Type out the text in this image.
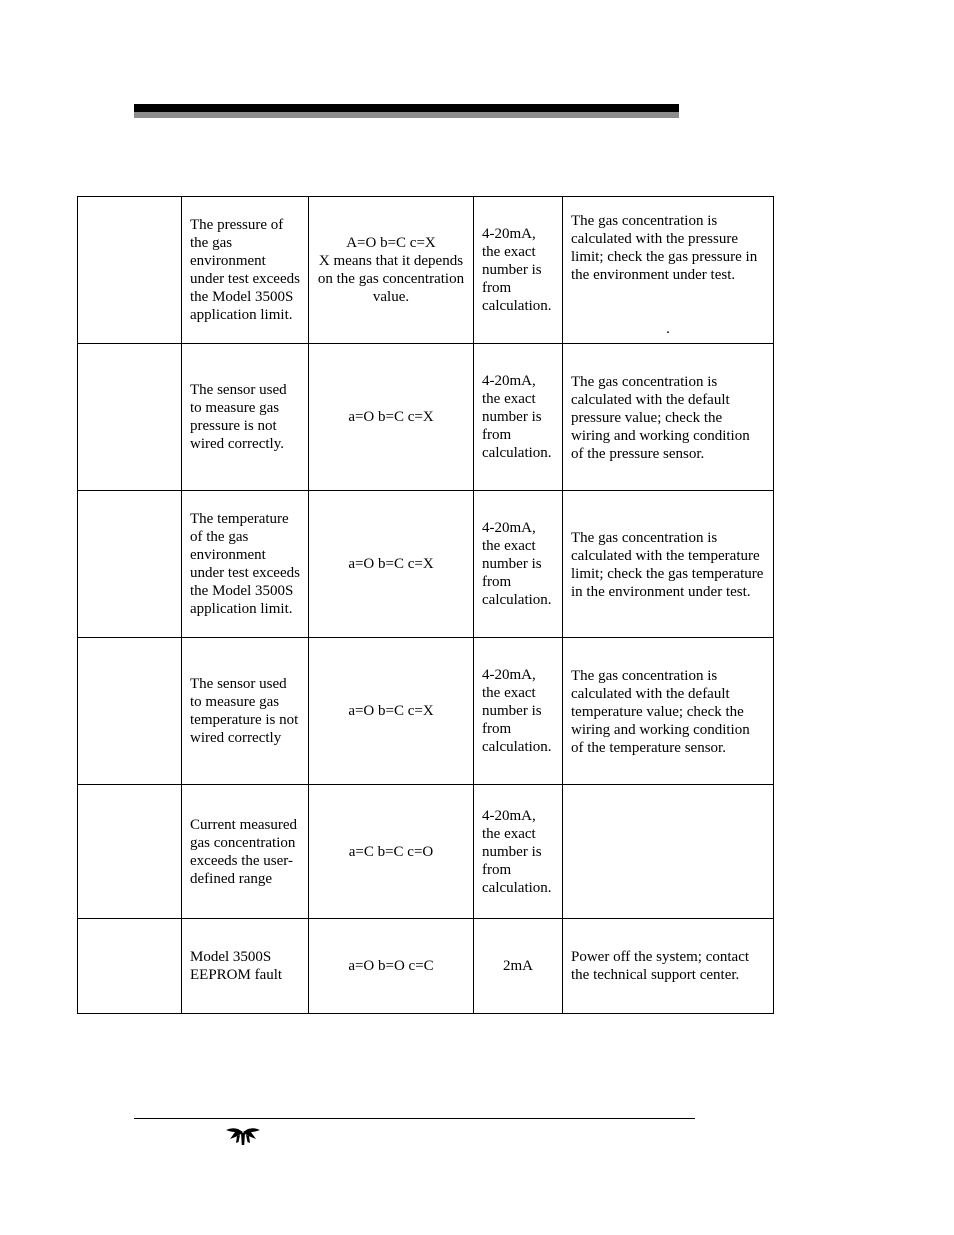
	The pressure of the gas environment under test exceeds the Model 3500S application limit.	A=O b=C c=X
X means that it depends on the gas concentration value.	4-20mA, the exact number is from calculation.	The gas concentration is calculated with the pressure limit; check the gas pressure in the environment under test.
.

	The sensor used to measure gas pressure is not wired correctly.	a=O b=C c=X	4-20mA, the exact number is from calculation.	The gas concentration is calculated with the default pressure value; check the wiring and working condition of the pressure sensor.

	The temperature of the gas environment under test exceeds the Model 3500S application limit.	a=O b=C c=X	4-20mA, the exact number is from calculation.	The gas concentration is calculated with the temperature limit; check the gas temperature in the environment under test.

	The sensor used to measure gas temperature is not wired correctly	a=O b=C c=X	4-20mA, the exact number is from calculation.	The gas concentration is calculated with the default temperature value; check the wiring and working condition of the temperature sensor.

	Current measured gas concentration exceeds the user-defined range	a=C b=C c=O	4-20mA, the exact number is from calculation.	
	Model 3500S EEPROM fault	a=O b=O c=C	2mA	Power off the system; contact the technical support center.
